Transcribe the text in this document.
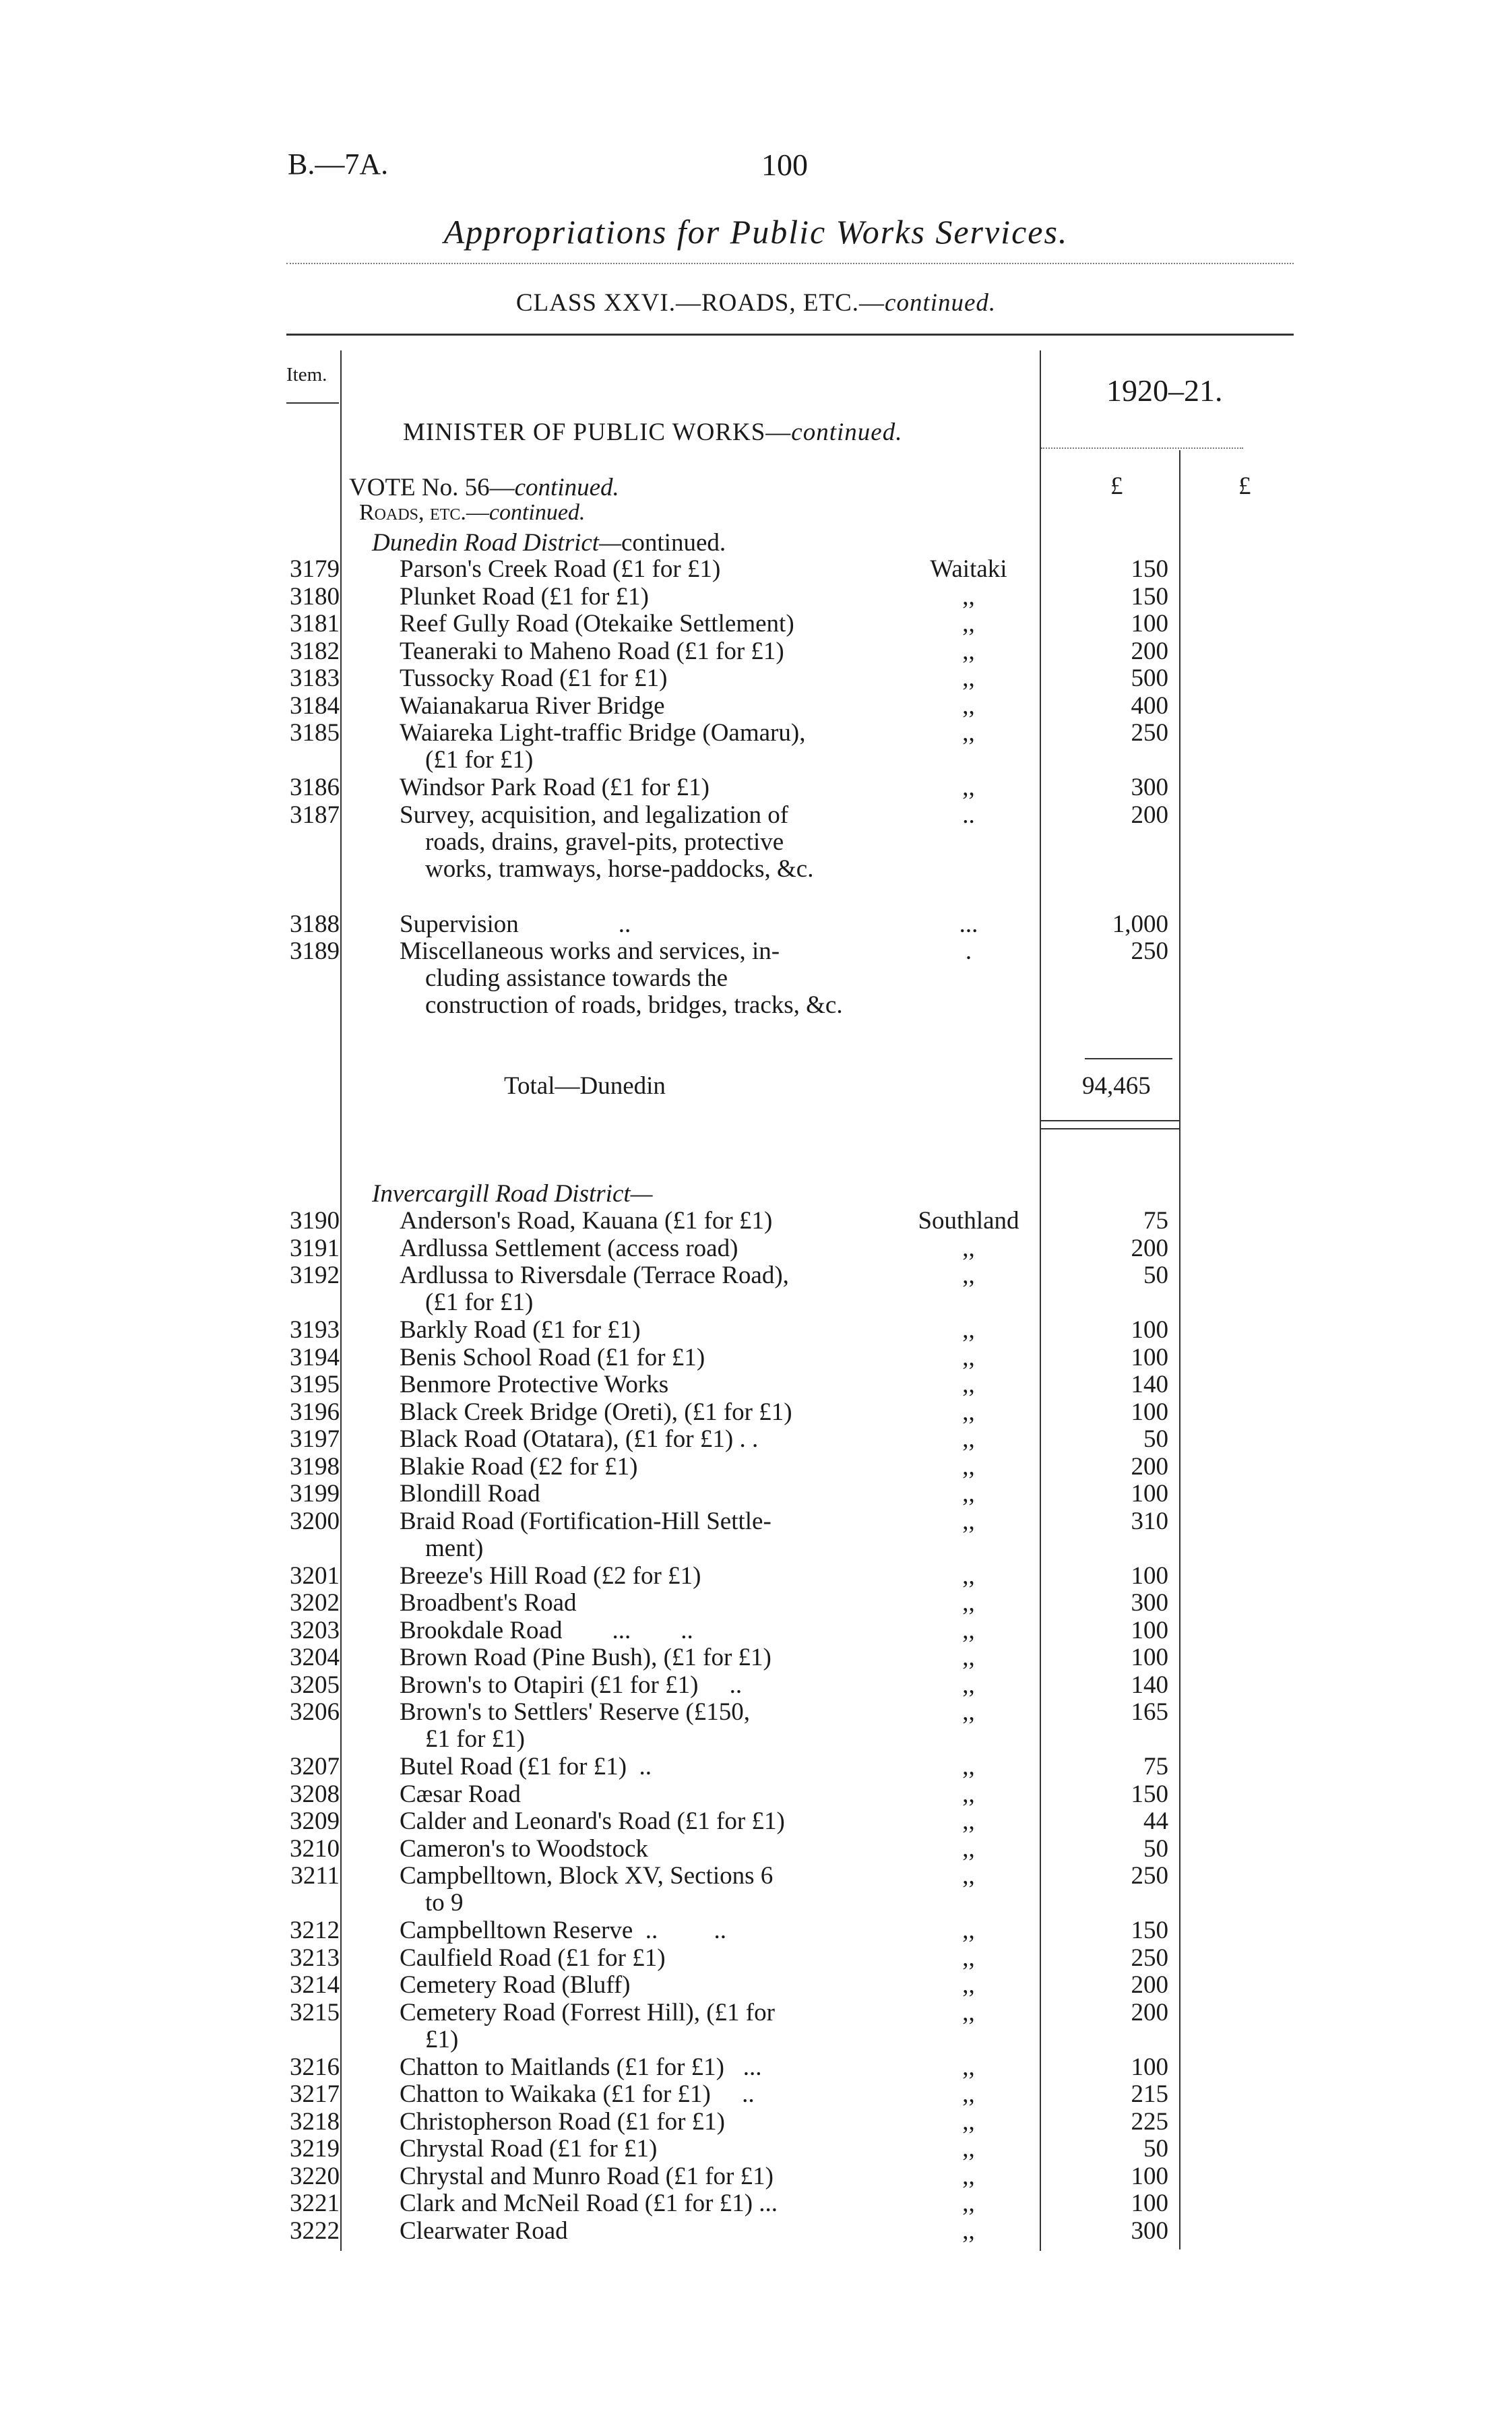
B.—7A.	100
Appropriations for Public Works Services.
CLASS XXVI.—ROADS, ETC.—continued.
Item.	1920–21.
MINISTER OF PUBLIC WORKS—continued.
£	£
VOTE No. 56—continued.
Roads, etc.—continued.
Dunedin Road District—continued.
3179 Parson's Creek Road (£1 for £1)	Waitaki	150
3180 Plunket Road (£1 for £1)	,,	150
3181 Reef Gully Road (Otekaike Settlement)	,,	100
3182 Teaneraki to Maheno Road (£1 for £1)	,,	200
3183 Tussocky Road (£1 for £1)	,,	500
3184 Waianakarua River Bridge	,,	400
3185 Waiareka Light-traffic Bridge (Oamaru),
(£1 for £1)
,,	250
3186 Windsor Park Road (£1 for £1)	,,	300
3187 Survey, acquisition, and legalization of
roads, drains, gravel-pits, protective works, tramways, horse-paddocks, &c.
..	200
3188 Supervision                ..	...	1,000
3189 Miscellaneous works and services, in-
cluding assistance towards the construction of roads, bridges, tracks, &c.
.	250
Total—Dunedin	94,465
Invercargill Road District—
3190 Anderson's Road, Kauana (£1 for £1)	Southland	75
3191 Ardlussa Settlement (access road)	,,	200
3192 Ardlussa to Riversdale (Terrace Road),
(£1 for £1)
,,	50
3193 Barkly Road (£1 for £1)	,,	100
3194 Benis School Road (£1 for £1)	,,	100
3195 Benmore Protective Works	,,	140
3196 Black Creek Bridge (Oreti), (£1 for £1)	,,	100
3197 Black Road (Otatara), (£1 for £1) . .	,,	50
3198 Blakie Road (£2 for £1)	,,	200
3199 Blondill Road	,,	100
3200 Braid Road (Fortification-Hill Settle-
ment)
,,	310
3201 Breeze's Hill Road (£2 for £1)	,,	100
3202 Broadbent's Road	,,	300
3203 Brookdale Road        ...        ..	,,	100
3204 Brown Road (Pine Bush), (£1 for £1)	,,	100
3205 Brown's to Otapiri (£1 for £1)     ..	,,	140
3206 Brown's to Settlers' Reserve (£150,
£1 for £1)
,,	165
3207 Butel Road (£1 for £1)  ..	,,	75
3208 Cæsar Road	,,	150
3209 Calder and Leonard's Road (£1 for £1)	,,	44
3210 Cameron's to Woodstock	,,	50
3211 Campbelltown, Block XV, Sections 6
to 9
,,	250
3212 Campbelltown Reserve  ..         ..	,,	150
3213 Caulfield Road (£1 for £1)	,,	250
3214 Cemetery Road (Bluff)	,,	200
3215 Cemetery Road (Forrest Hill), (£1 for
£1)
,,	200
3216 Chatton to Maitlands (£1 for £1)   ...	,,	100
3217 Chatton to Waikaka (£1 for £1)     ..	,,	215
3218 Christopherson Road (£1 for £1)	,,	225
3219 Chrystal Road (£1 for £1)	,,	50
3220 Chrystal and Munro Road (£1 for £1)	,,	100
3221 Clark and McNeil Road (£1 for £1) ...	,,	100
3222 Clearwater Road	,,	300
